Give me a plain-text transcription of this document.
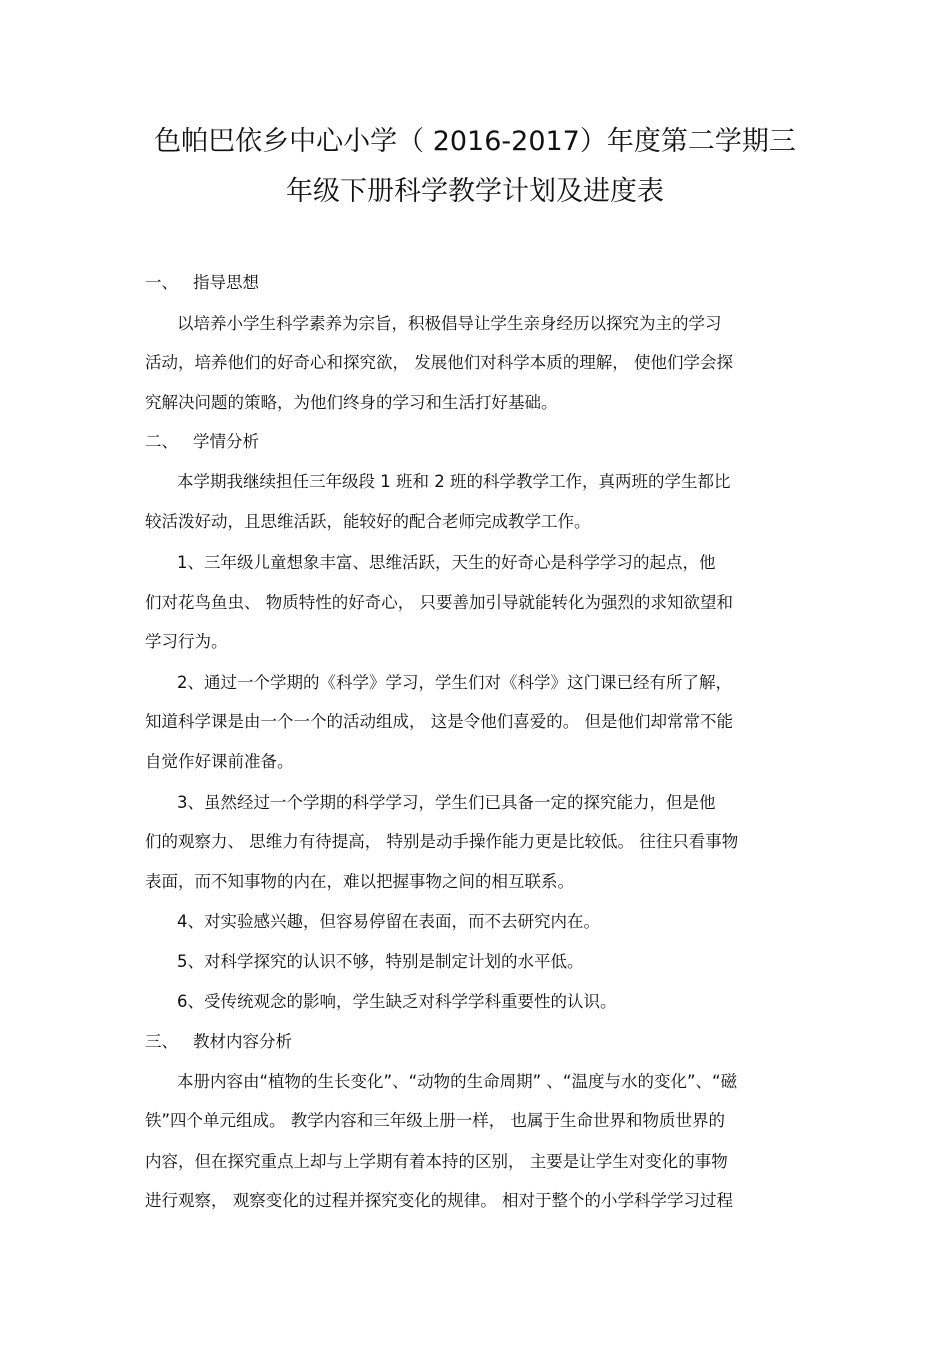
色帕巴依乡中心小学（ 2016-2017）年度第二学期三
年级下册科学教学计划及进度表
一、 指导思想
以培养小学生科学素养为宗旨，积极倡导让学生亲身经历以探究为主的学习
活动，培养他们的好奇心和探究欲， 发展他们对科学本质的理解， 使他们学会探
究解决问题的策略，为他们终身的学习和生活打好基础。
二、 学情分析
本学期我继续担任三年级段 1 班和 2 班的科学教学工作，真两班的学生都比
较活泼好动，且思维活跃，能较好的配合老师完成教学工作。
1、三年级儿童想象丰富、思维活跃，天生的好奇心是科学学习的起点，他
们对花鸟鱼虫、 物质特性的好奇心， 只要善加引导就能转化为强烈的求知欲望和
学习行为。
2、通过一个学期的《科学》学习，学生们对《科学》这门课已经有所了解，
知道科学课是由一个一个的活动组成， 这是令他们喜爱的。 但是他们却常常不能
自觉作好课前准备。
3、虽然经过一个学期的科学学习，学生们已具备一定的探究能力，但是他
们的观察力、 思维力有待提高， 特别是动手操作能力更是比较低。 往往只看事物
表面，而不知事物的内在，难以把握事物之间的相互联系。
4、对实验感兴趣，但容易停留在表面，而不去研究内在。
5、对科学探究的认识不够，特别是制定计划的水平低。
6、受传统观念的影响，学生缺乏对科学学科重要性的认识。
三、 教材内容分析
本册内容由“植物的生长变化”、“动物的生命周期” 、“温度与水的变化”、“磁
铁”四个单元组成。 教学内容和三年级上册一样， 也属于生命世界和物质世界的
内容，但在探究重点上却与上学期有着本持的区别， 主要是让学生对变化的事物
进行观察， 观察变化的过程并探究变化的规律。 相对于整个的小学科学学习过程
